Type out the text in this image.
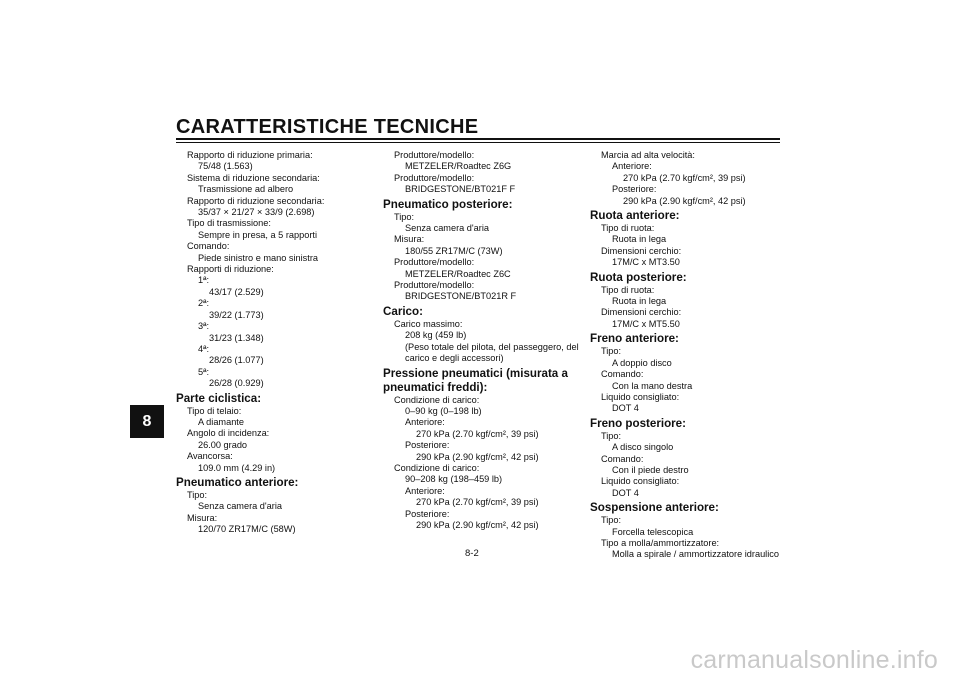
CARATTERISTICHE TECNICHE
8
Rapporto di riduzione primaria:
75/48 (1.563)
Sistema di riduzione secondaria:
Trasmissione ad albero
Rapporto di riduzione secondaria:
35/37 × 21/27 × 33/9 (2.698)
Tipo di trasmissione:
Sempre in presa, a 5 rapporti
Comando:
Piede sinistro e mano sinistra
Rapporti di riduzione:
1ª:
43/17 (2.529)
2ª:
39/22 (1.773)
3ª:
31/23 (1.348)
4ª:
28/26 (1.077)
5ª:
26/28 (0.929)
Parte ciclistica:
Tipo di telaio:
A diamante
Angolo di incidenza:
26.00 grado
Avancorsa:
109.0 mm (4.29 in)
Pneumatico anteriore:
Tipo:
Senza camera d'aria
Misura:
120/70 ZR17M/C (58W)
Produttore/modello:
METZELER/Roadtec Z6G
Produttore/modello:
BRIDGESTONE/BT021F F
Pneumatico posteriore:
Tipo:
Senza camera d'aria
Misura:
180/55 ZR17M/C (73W)
Produttore/modello:
METZELER/Roadtec Z6C
Produttore/modello:
BRIDGESTONE/BT021R F
Carico:
Carico massimo:
208 kg (459 lb)
(Peso totale del pilota, del passeggero, del carico e degli accessori)
Pressione pneumatici (misurata a pneumatici freddi):
Condizione di carico:
0–90 kg (0–198 lb)
Anteriore:
270 kPa (2.70 kgf/cm², 39 psi)
Posteriore:
290 kPa (2.90 kgf/cm², 42 psi)
Condizione di carico:
90–208 kg (198–459 lb)
Anteriore:
270 kPa (2.70 kgf/cm², 39 psi)
Posteriore:
290 kPa (2.90 kgf/cm², 42 psi)
Marcia ad alta velocità:
Anteriore:
270 kPa (2.70 kgf/cm², 39 psi)
Posteriore:
290 kPa (2.90 kgf/cm², 42 psi)
Ruota anteriore:
Tipo di ruota:
Ruota in lega
Dimensioni cerchio:
17M/C x MT3.50
Ruota posteriore:
Tipo di ruota:
Ruota in lega
Dimensioni cerchio:
17M/C x MT5.50
Freno anteriore:
Tipo:
A doppio disco
Comando:
Con la mano destra
Liquido consigliato:
DOT 4
Freno posteriore:
Tipo:
A disco singolo
Comando:
Con il piede destro
Liquido consigliato:
DOT 4
Sospensione anteriore:
Tipo:
Forcella telescopica
Tipo a molla/ammortizzatore:
Molla a spirale / ammortizzatore idraulico
8-2
carmanualsonline.info
